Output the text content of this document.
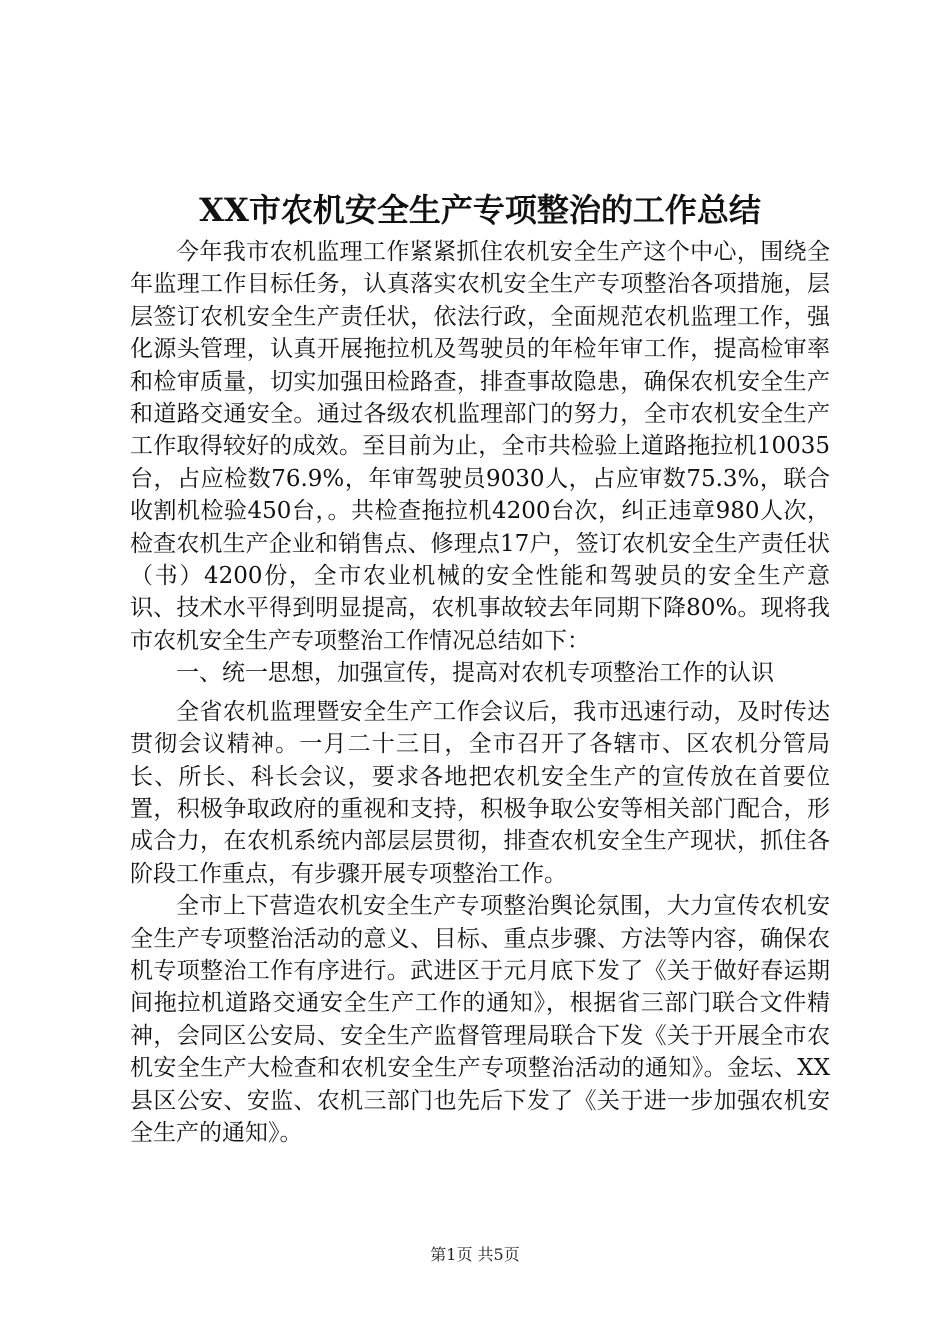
XX市农机安全生产专项整治的工作总结

今年我市农机监理工作紧紧抓住农机安全生产这个中心，围绕全年监理工作目标任务，认真落实农机安全生产专项整治各项措施，层层签订农机安全生产责任状，依法行政，全面规范农机监理工作，强化源头管理，认真开展拖拉机及驾驶员的年检年审工作，提高检审率和检审质量，切实加强田检路查，排查事故隐患，确保农机安全生产和道路交通安全。通过各级农机监理部门的努力，全市农机安全生产工作取得较好的成效。至目前为止，全市共检验上道路拖拉机10035台，占应检数76.9%，年审驾驶员9030人，占应审数75.3%，联合收割机检验450台，。共检查拖拉机4200台次，纠正违章980人次，检查农机生产企业和销售点、修理点17户，签订农机安全生产责任状（书）4200份，全市农业机械的安全性能和驾驶员的安全生产意识、技术水平得到明显提高，农机事故较去年同期下降80%。现将我市农机安全生产专项整治工作情况总结如下：

一、统一思想，加强宣传，提高对农机专项整治工作的认识

全省农机监理暨安全生产工作会议后，我市迅速行动，及时传达贯彻会议精神。一月二十三日，全市召开了各辖市、区农机分管局长、所长、科长会议，要求各地把农机安全生产的宣传放在首要位置，积极争取政府的重视和支持，积极争取公安等相关部门配合，形成合力，在农机系统内部层层贯彻，排查农机安全生产现状，抓住各阶段工作重点，有步骤开展专项整治工作。

全市上下营造农机安全生产专项整治舆论氛围，大力宣传农机安全生产专项整治活动的意义、目标、重点步骤、方法等内容，确保农机专项整治工作有序进行。武进区于元月底下发了《关于做好春运期间拖拉机道路交通安全生产工作的通知》，根据省三部门联合文件精神，会同区公安局、安全生产监督管理局联合下发《关于开展全市农机安全生产大检查和农机安全生产专项整治活动的通知》。金坛、XX县区公安、安监、农机三部门也先后下发了《关于进一步加强农机安全生产的通知》。

第1页 共5页
